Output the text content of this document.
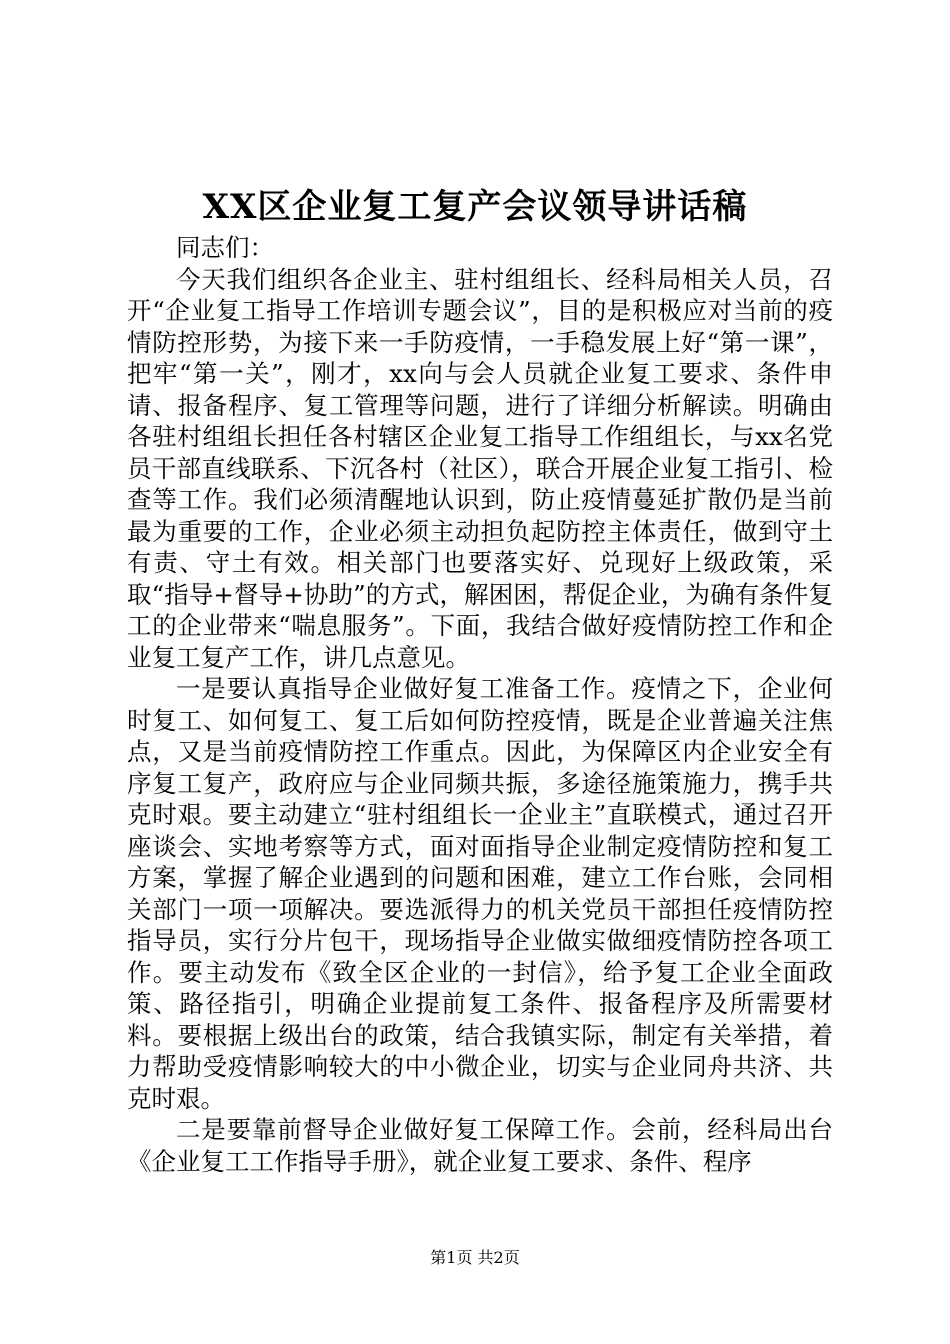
XX区企业复工复产会议领导讲话稿

同志们：

今天我们组织各企业主、驻村组组长、经科局相关人员，召开“企业复工指导工作培训专题会议”，目的是积极应对当前的疫情防控形势，为接下来一手防疫情，一手稳发展上好“第一课”，把牢“第一关”，刚才，xx向与会人员就企业复工要求、条件申请、报备程序、复工管理等问题，进行了详细分析解读。明确由各驻村组组长担任各村辖区企业复工指导工作组组长，与xx名党员干部直线联系、下沉各村（社区），联合开展企业复工指引、检查等工作。我们必须清醒地认识到，防止疫情蔓延扩散仍是当前最为重要的工作，企业必须主动担负起防控主体责任，做到守土有责、守土有效。相关部门也要落实好、兑现好上级政策，采取“指导+督导+协助”的方式，解困困，帮促企业，为确有条件复工的企业带来“喘息服务”。下面，我结合做好疫情防控工作和企业复工复产工作，讲几点意见。

一是要认真指导企业做好复工准备工作。疫情之下，企业何时复工、如何复工、复工后如何防控疫情，既是企业普遍关注焦点，又是当前疫情防控工作重点。因此，为保障区内企业安全有序复工复产，政府应与企业同频共振，多途径施策施力，携手共克时艰。要主动建立“驻村组组长一企业主”直联模式，通过召开座谈会、实地考察等方式，面对面指导企业制定疫情防控和复工方案，掌握了解企业遇到的问题和困难，建立工作台账，会同相关部门一项一项解决。要选派得力的机关党员干部担任疫情防控指导员，实行分片包干，现场指导企业做实做细疫情防控各项工作。要主动发布《致全区企业的一封信》，给予复工企业全面政策、路径指引，明确企业提前复工条件、报备程序及所需要材料。要根据上级出台的政策，结合我镇实际，制定有关举措，着力帮助受疫情影响较大的中小微企业，切实与企业同舟共济、共克时艰。

二是要靠前督导企业做好复工保障工作。会前，经科局出台《企业复工工作指导手册》，就企业复工要求、条件、程序

第1页 共2页
